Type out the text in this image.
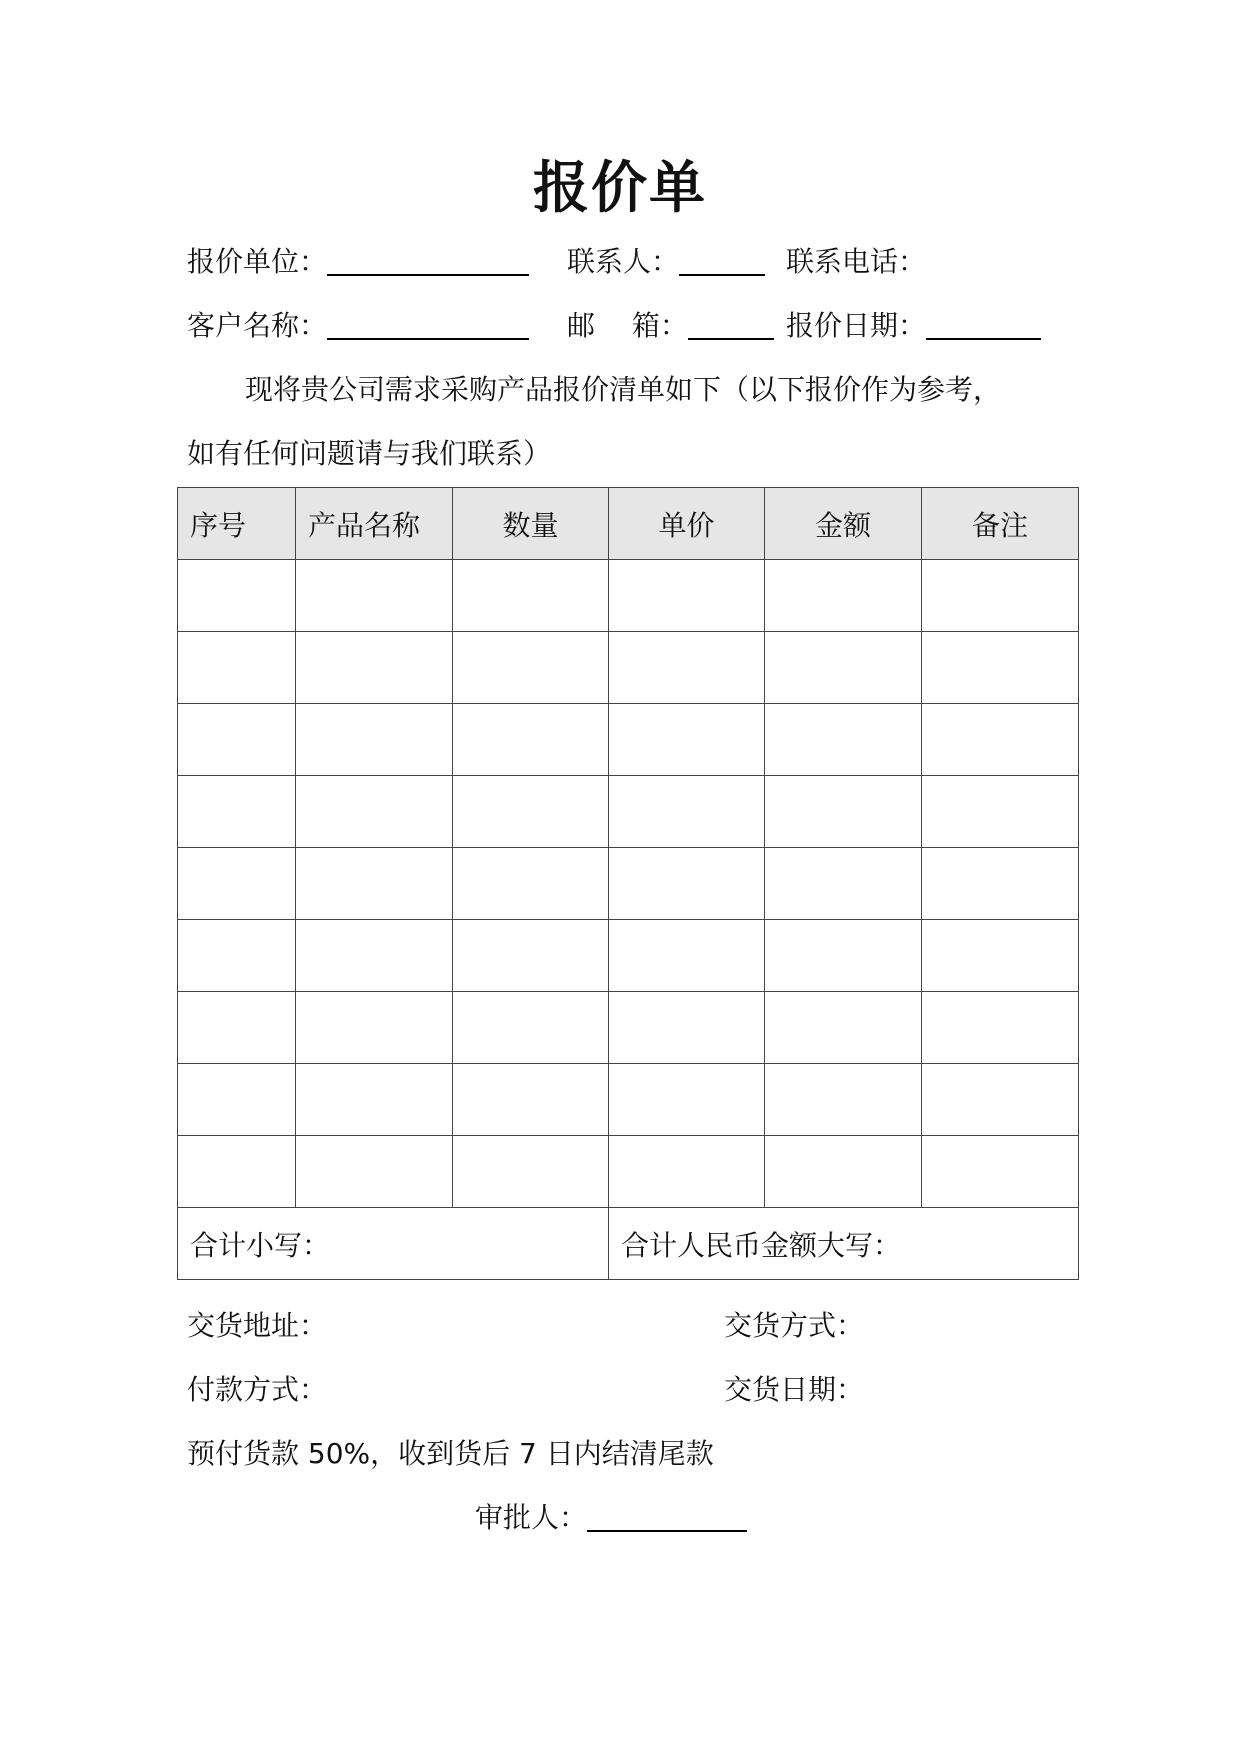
报价单
报价单位：	联系人：	联系电话：
客户名称：	邮　 箱：	报价日期：
现将贵公司需求采购产品报价清单如下（以下报价作为参考，
如有任何问题请与我们联系）
序号	产品名称	数量	单价	金额	备注

合计小写：			合计人民币金额大写：		
交货地址：	交货方式：
付款方式：	交货日期：
预付货款 50%，收到货后 7 日内结清尾款
审批人：
